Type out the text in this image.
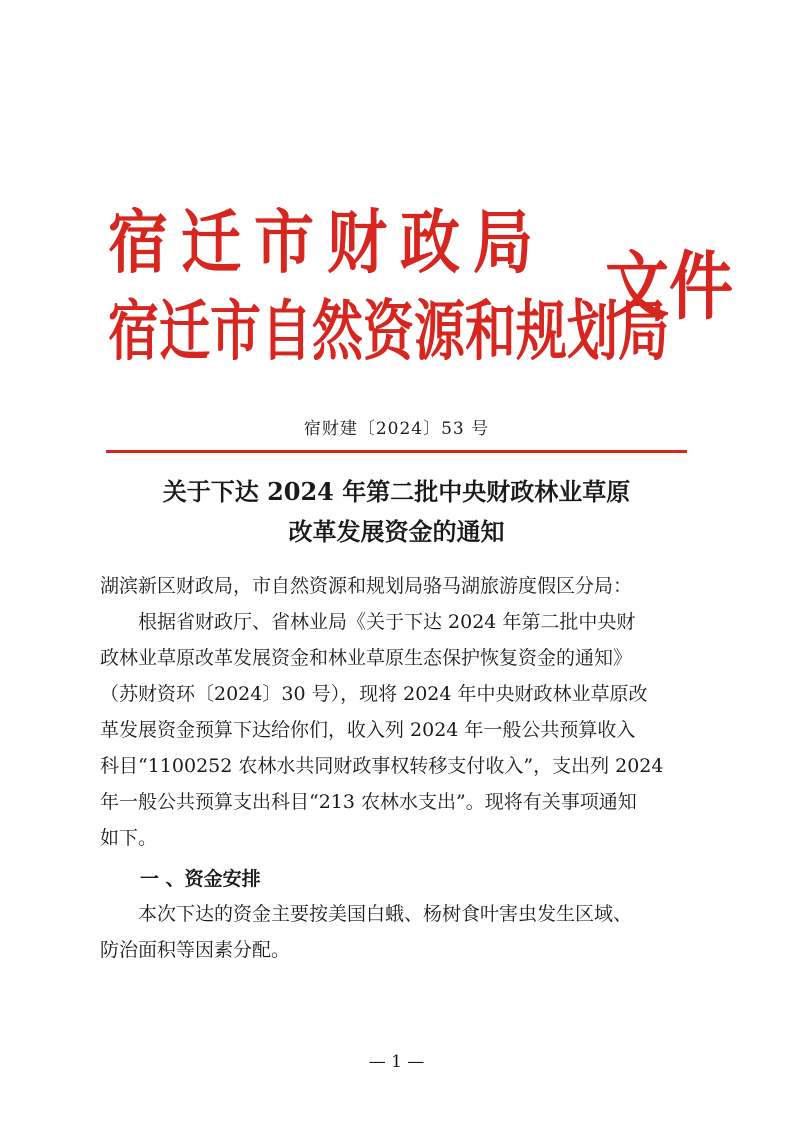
宿迁市财政局
宿迁市自然资源和规划局
文件
宿财建〔2024〕53 号
关于下达 2024 年第二批中央财政林业草原
改革发展资金的通知
湖滨新区财政局，市自然资源和规划局骆马湖旅游度假区分局：
　　根据省财政厅、省林业局《关于下达 2024 年第二批中央财
政林业草原改革发展资金和林业草原生态保护恢复资金的通知》
（苏财资环〔2024〕30 号），现将 2024 年中央财政林业草原改
革发展资金预算下达给你们，收入列 2024 年一般公共预算收入
科目“1100252 农林水共同财政事权转移支付收入”，支出列 2024
年一般公共预算支出科目“213 农林水支出”。现将有关事项通知
如下。
一 、资金安排
　　本次下达的资金主要按美国白蛾、杨树食叶害虫发生区域、
防治面积等因素分配。
— 1 —
